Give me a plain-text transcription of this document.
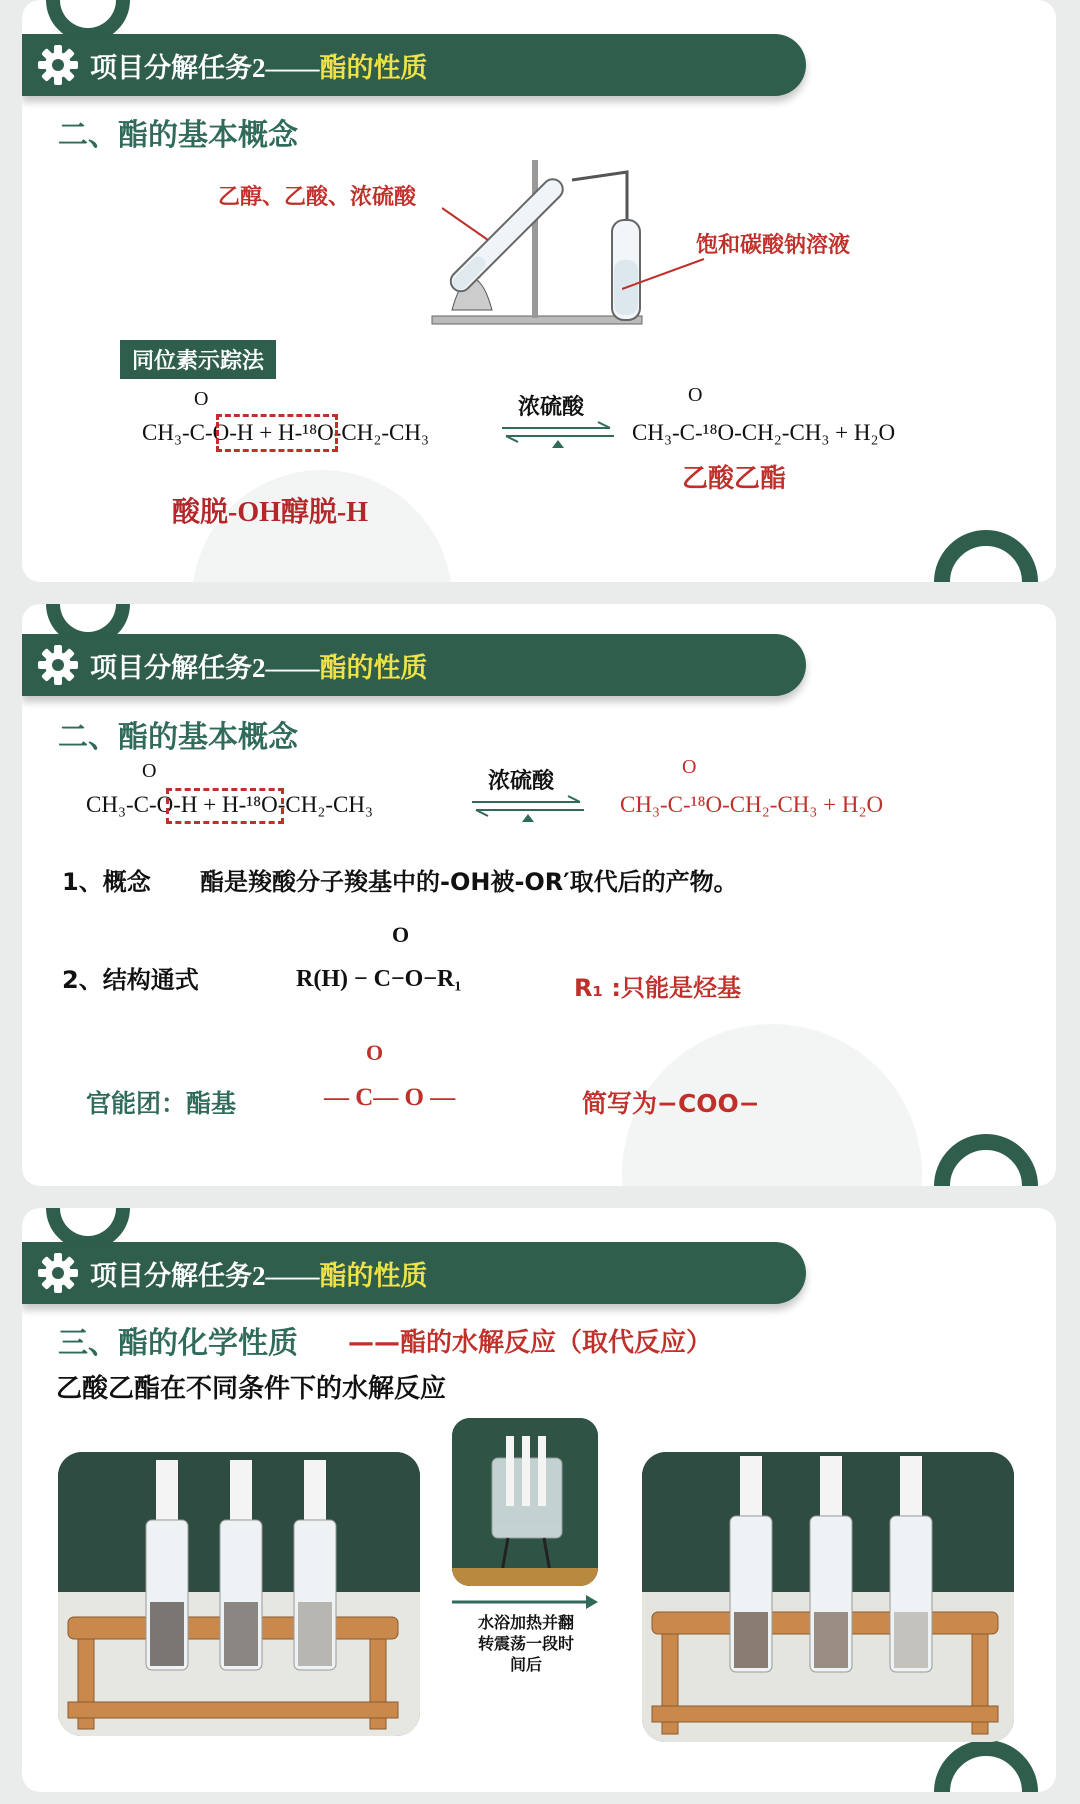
项目分解任务2—— 酯的性质
二、酯的基本概念
乙醇、乙酸、浓硫酸
饱和碳酸钠溶液
同位素示踪法
O
CH₃-C-O-H + H-¹⁸O-CH₂-CH₃
浓硫酸	O
CH₃-C-¹⁸O-CH₂-CH₃ + H₂O
乙酸乙酯
酸脱-OH醇脱-H
项目分解任务2—— 酯的性质
二、酯的基本概念
O
CH₃-C-O-H + H-¹⁸O-CH₂-CH₃
浓硫酸
O
CH₃-C-¹⁸O-CH₂-CH₃ + H₂O
1、概念 酯是羧酸分子羧基中的-OH被-OR′取代后的产物。
2、结构通式
O
R(H) − C−O−R₁	R₁ :只能是烃基
官能团：酯基
O
— C— O —	简写为−COO−
项目分解任务2—— 酯的性质
三、酯的化学性质 ——酯的水解反应（取代反应）
乙酸乙酯在不同条件下的水解反应
水浴加热并翻
转震荡一段时
间后
